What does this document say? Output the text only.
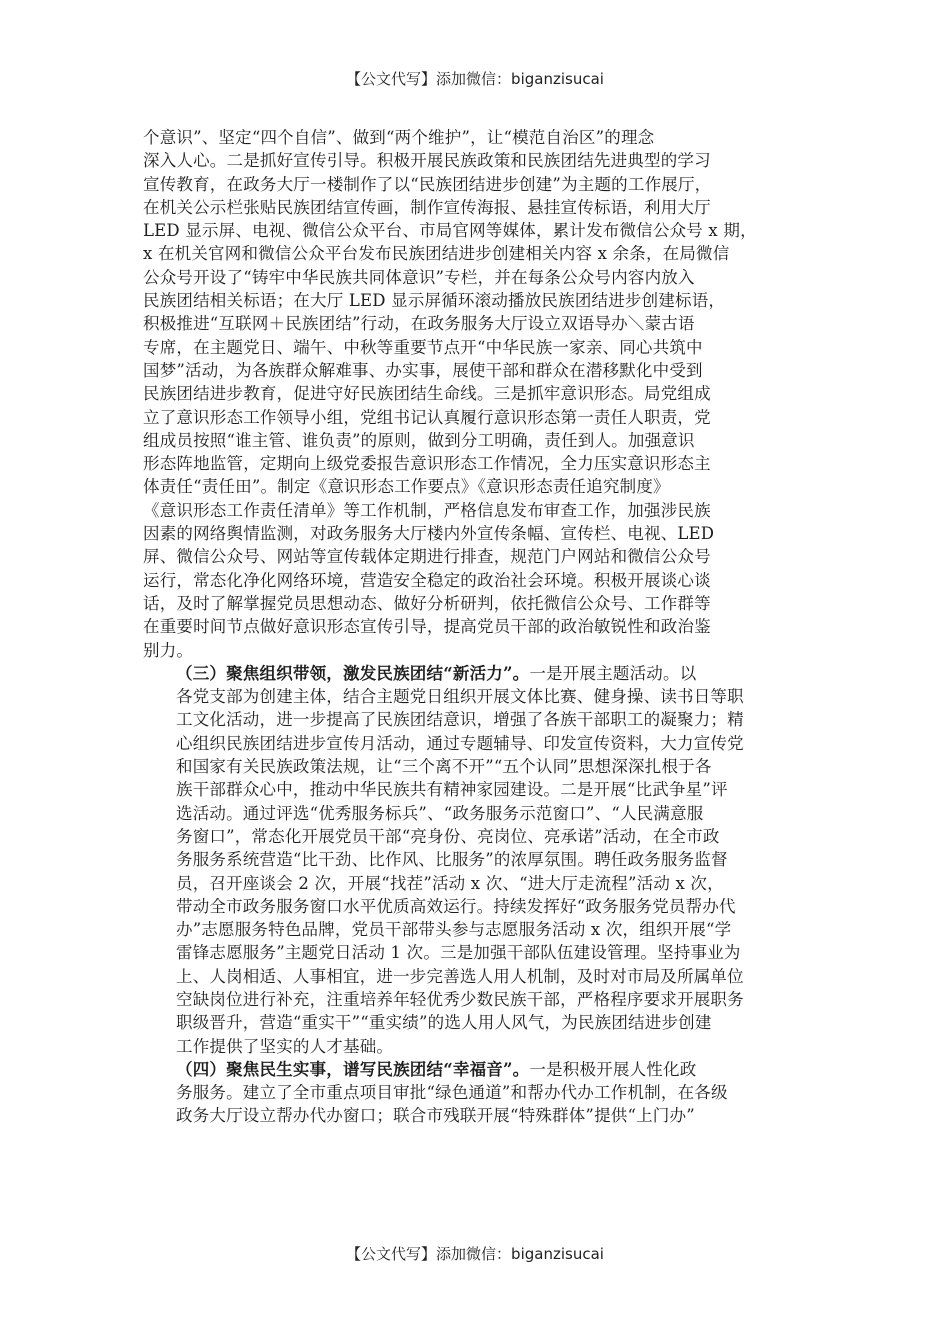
【公文代写】添加微信：biganzisucai

个意识”、坚定“四个自信”、做到“两个维护”，让“模范自治区”的理念
深入人心。二是抓好宣传引导。积极开展民族政策和民族团结先进典型的学习
宣传教育，在政务大厅一楼制作了以“民族团结进步创建”为主题的工作展厅，
在机关公示栏张贴民族团结宣传画，制作宣传海报、悬挂宣传标语，利用大厅
LED 显示屏、电视、微信公众平台、市局官网等媒体，累计发布微信公众号 x 期，
x 在机关官网和微信公众平台发布民族团结进步创建相关内容 x 余条，在局微信
公众号开设了“铸牢中华民族共同体意识”专栏，并在每条公众号内容内放入
民族团结相关标语；在大厅 LED 显示屏循环滚动播放民族团结进步创建标语，
积极推进“互联网＋民族团结”行动，在政务服务大厅设立双语导办＼蒙古语
专席，在主题党日、端午、中秋等重要节点开“中华民族一家亲、同心共筑中
国梦”活动，为各族群众解难事、办实事，展使干部和群众在潜移默化中受到
民族团结进步教育，促进守好民族团结生命线。三是抓牢意识形态。局党组成
立了意识形态工作领导小组，党组书记认真履行意识形态第一责任人职责，党
组成员按照“谁主管、谁负责”的原则，做到分工明确，责任到人。加强意识
形态阵地监管，定期向上级党委报告意识形态工作情况，全力压实意识形态主
体责任“责任田”。制定《意识形态工作要点》《意识形态责任追究制度》
《意识形态工作责任清单》等工作机制，严格信息发布审查工作，加强涉民族
因素的网络舆情监测，对政务服务大厅楼内外宣传条幅、宣传栏、电视、LED
屏、微信公众号、网站等宣传载体定期进行排查，规范门户网站和微信公众号
运行，常态化净化网络环境，营造安全稳定的政治社会环境。积极开展谈心谈
话，及时了解掌握党员思想动态、做好分析研判，依托微信公众号、工作群等
在重要时间节点做好意识形态宣传引导，提高党员干部的政治敏锐性和政治鉴
别力。

（三）聚焦组织带领，激发民族团结“新活力”。一是开展主题活动。以
各党支部为创建主体，结合主题党日组织开展文体比赛、健身操、读书日等职
工文化活动，进一步提高了民族团结意识，增强了各族干部职工的凝聚力；精
心组织民族团结进步宣传月活动，通过专题辅导、印发宣传资料，大力宣传党
和国家有关民族政策法规，让“三个离不开”“五个认同”思想深深扎根于各
族干部群众心中，推动中华民族共有精神家园建设。二是开展“比武争星”评
选活动。通过评选“优秀服务标兵”、“政务服务示范窗口”、“人民满意服
务窗口”，常态化开展党员干部“亮身份、亮岗位、亮承诺”活动，在全市政
务服务系统营造“比干劲、比作风、比服务”的浓厚氛围。聘任政务服务监督
员，召开座谈会 2 次，开展“找茬”活动 x 次、“进大厅走流程”活动 x 次，
带动全市政务服务窗口水平优质高效运行。持续发挥好“政务服务党员帮办代
办”志愿服务特色品牌，党员干部带头参与志愿服务活动 x 次，组织开展“学
雷锋志愿服务”主题党日活动 1 次。三是加强干部队伍建设管理。坚持事业为
上、人岗相适、人事相宜，进一步完善选人用人机制，及时对市局及所属单位
空缺岗位进行补充，注重培养年轻优秀少数民族干部，严格程序要求开展职务
职级晋升，营造“重实干”“重实绩”的选人用人风气，为民族团结进步创建
工作提供了坚实的人才基础。

（四）聚焦民生实事，谱写民族团结“幸福音”。一是积极开展人性化政
务服务。建立了全市重点项目审批“绿色通道”和帮办代办工作机制，在各级
政务大厅设立帮办代办窗口；联合市残联开展“特殊群体”提供“上门办”

【公文代写】添加微信：biganzisucai
